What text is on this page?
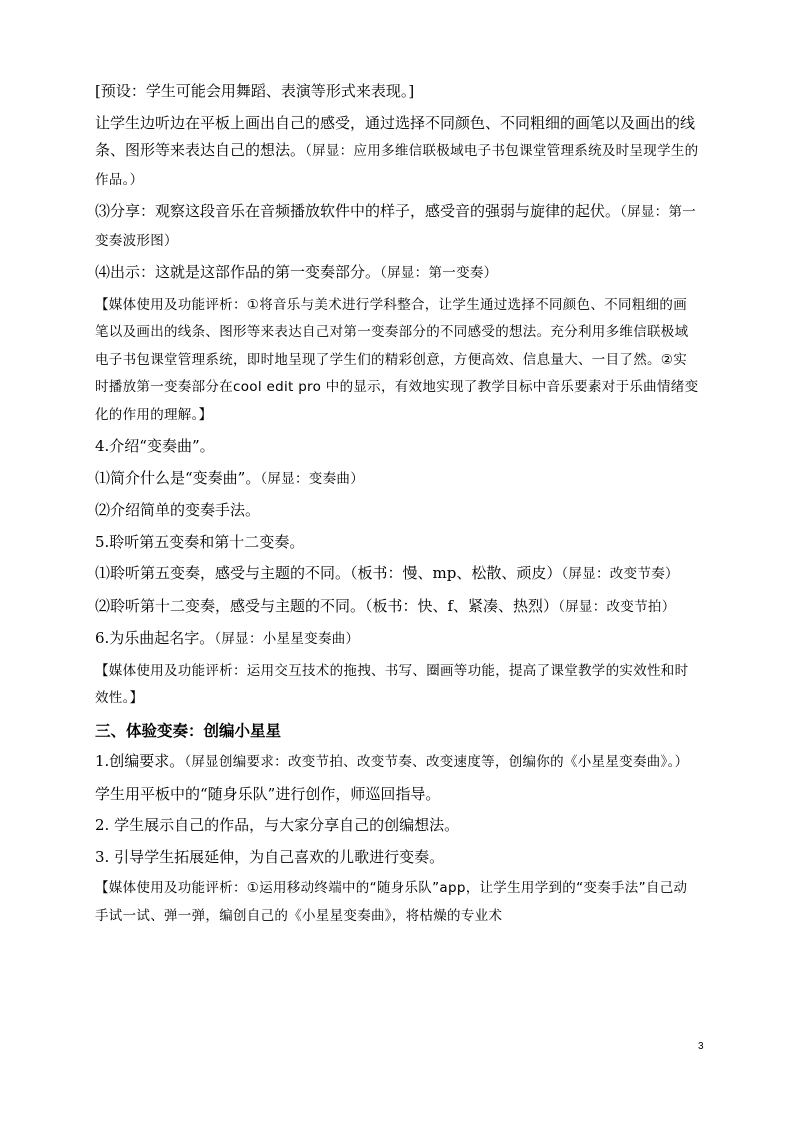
[预设：学生可能会用舞蹈、表演等形式来表现。]

让学生边听边在平板上画出自己的感受，通过选择不同颜色、不同粗细的画笔以及画出的线条、图形等来表达自己的想法。（屏显：应用多维信联极域电子书包课堂管理系统及时呈现学生的作品。）

⑶分享：观察这段音乐在音频播放软件中的样子，感受音的强弱与旋律的起伏。（屏显：第一变奏波形图）

⑷出示：这就是这部作品的第一变奏部分。（屏显：第一变奏）

【媒体使用及功能评析：①将音乐与美术进行学科整合，让学生通过选择不同颜色、不同粗细的画笔以及画出的线条、图形等来表达自己对第一变奏部分的不同感受的想法。充分利用多维信联极域电子书包课堂管理系统，即时地呈现了学生们的精彩创意，方便高效、信息量大、一目了然。②实时播放第一变奏部分在cool edit pro 中的显示，有效地实现了教学目标中音乐要素对于乐曲情绪变化的作用的理解。】

4.介绍“变奏曲”。

⑴简介什么是“变奏曲”。（屏显：变奏曲）

⑵介绍简单的变奏手法。

5.聆听第五变奏和第十二变奏。

⑴聆听第五变奏，感受与主题的不同。（板书：慢、mp、松散、顽皮）（屏显：改变节奏）

⑵聆听第十二变奏，感受与主题的不同。（板书：快、f、紧凑、热烈）（屏显：改变节拍）

6.为乐曲起名字。（屏显：小星星变奏曲）

【媒体使用及功能评析：运用交互技术的拖拽、书写、圈画等功能，提高了课堂教学的实效性和时效性。】

三、体验变奏：创编小星星

1.创编要求。（屏显创编要求：改变节拍、改变节奏、改变速度等，创编你的《小星星变奏曲》。）

学生用平板中的“随身乐队”进行创作，师巡回指导。

2. 学生展示自己的作品，与大家分享自己的创编想法。

3. 引导学生拓展延伸，为自己喜欢的儿歌进行变奏。

【媒体使用及功能评析：①运用移动终端中的“随身乐队”app，让学生用学到的“变奏手法”自己动手试一试、弹一弹，编创自己的《小星星变奏曲》，将枯燥的专业术

3
